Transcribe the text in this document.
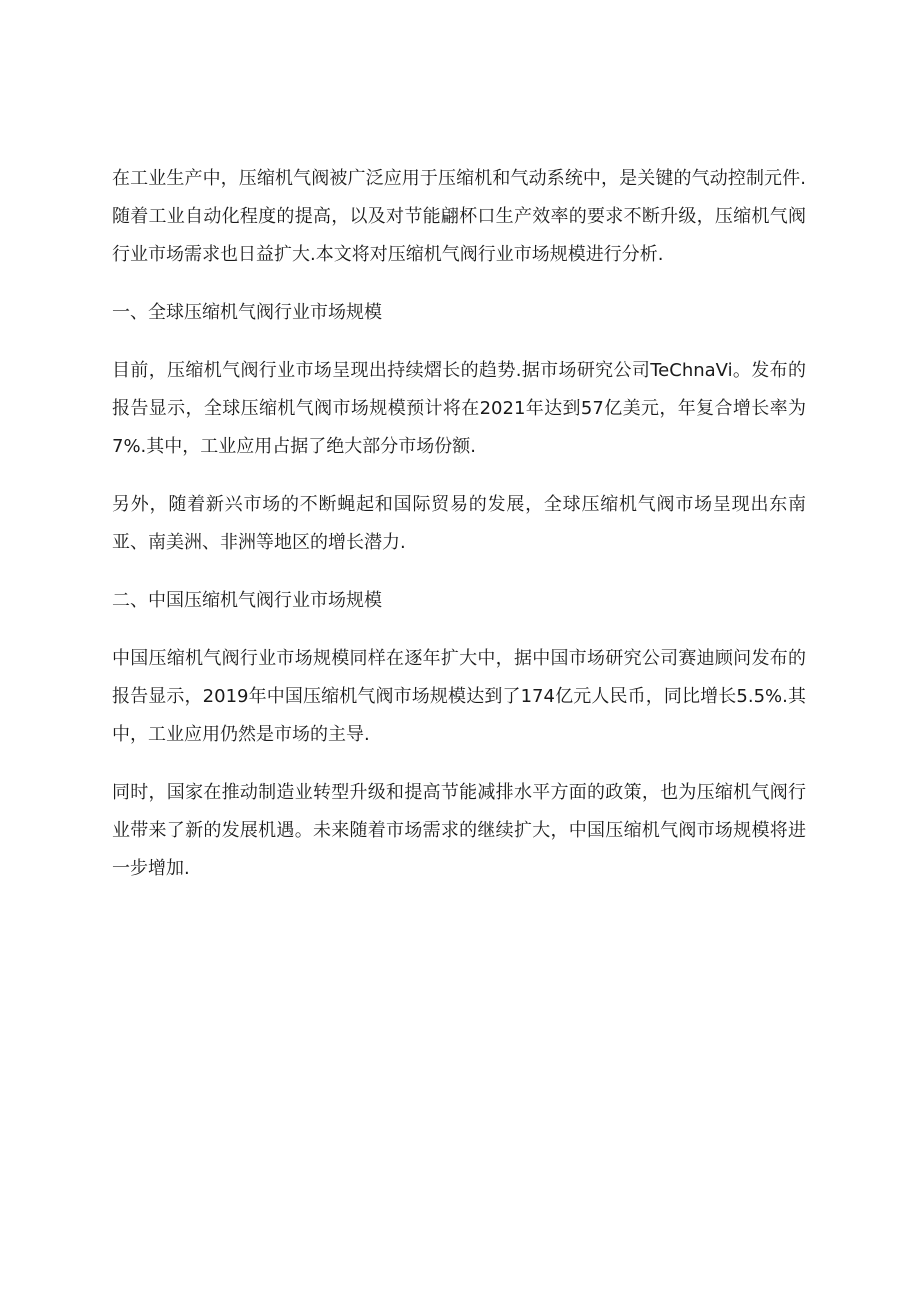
在工业生产中，压缩机气阀被广泛应用于压缩机和气动系统中，是关键的气动控制元件.随着工业自动化程度的提高，以及对节能翩杯口生产效率的要求不断升级，压缩机气阀行业市场需求也日益扩大.本文将对压缩机气阀行业市场规模进行分析.

一、全球压缩机气阀行业市场规模

目前，压缩机气阀行业市场呈现出持续熠长的趋势.据市场研究公司TeChnaVi。发布的报告显示，全球压缩机气阀市场规模预计将在2021年达到57亿美元，年复合增长率为7%.其中，工业应用占据了绝大部分市场份额.

另外，随着新兴市场的不断蝇起和国际贸易的发展，全球压缩机气阀市场呈现出东南亚、南美洲、非洲等地区的增长潜力.

二、中国压缩机气阀行业市场规模

中国压缩机气阀行业市场规模同样在逐年扩大中，据中国市场研究公司赛迪顾问发布的报告显示，2019年中国压缩机气阀市场规模达到了174亿元人民币，同比增长5.5%.其中，工业应用仍然是市场的主导.

同时，国家在推动制造业转型升级和提高节能减排水平方面的政策，也为压缩机气阀行业带来了新的发展机遇。未来随着市场需求的继续扩大，中国压缩机气阀市场规模将进一步增加.
